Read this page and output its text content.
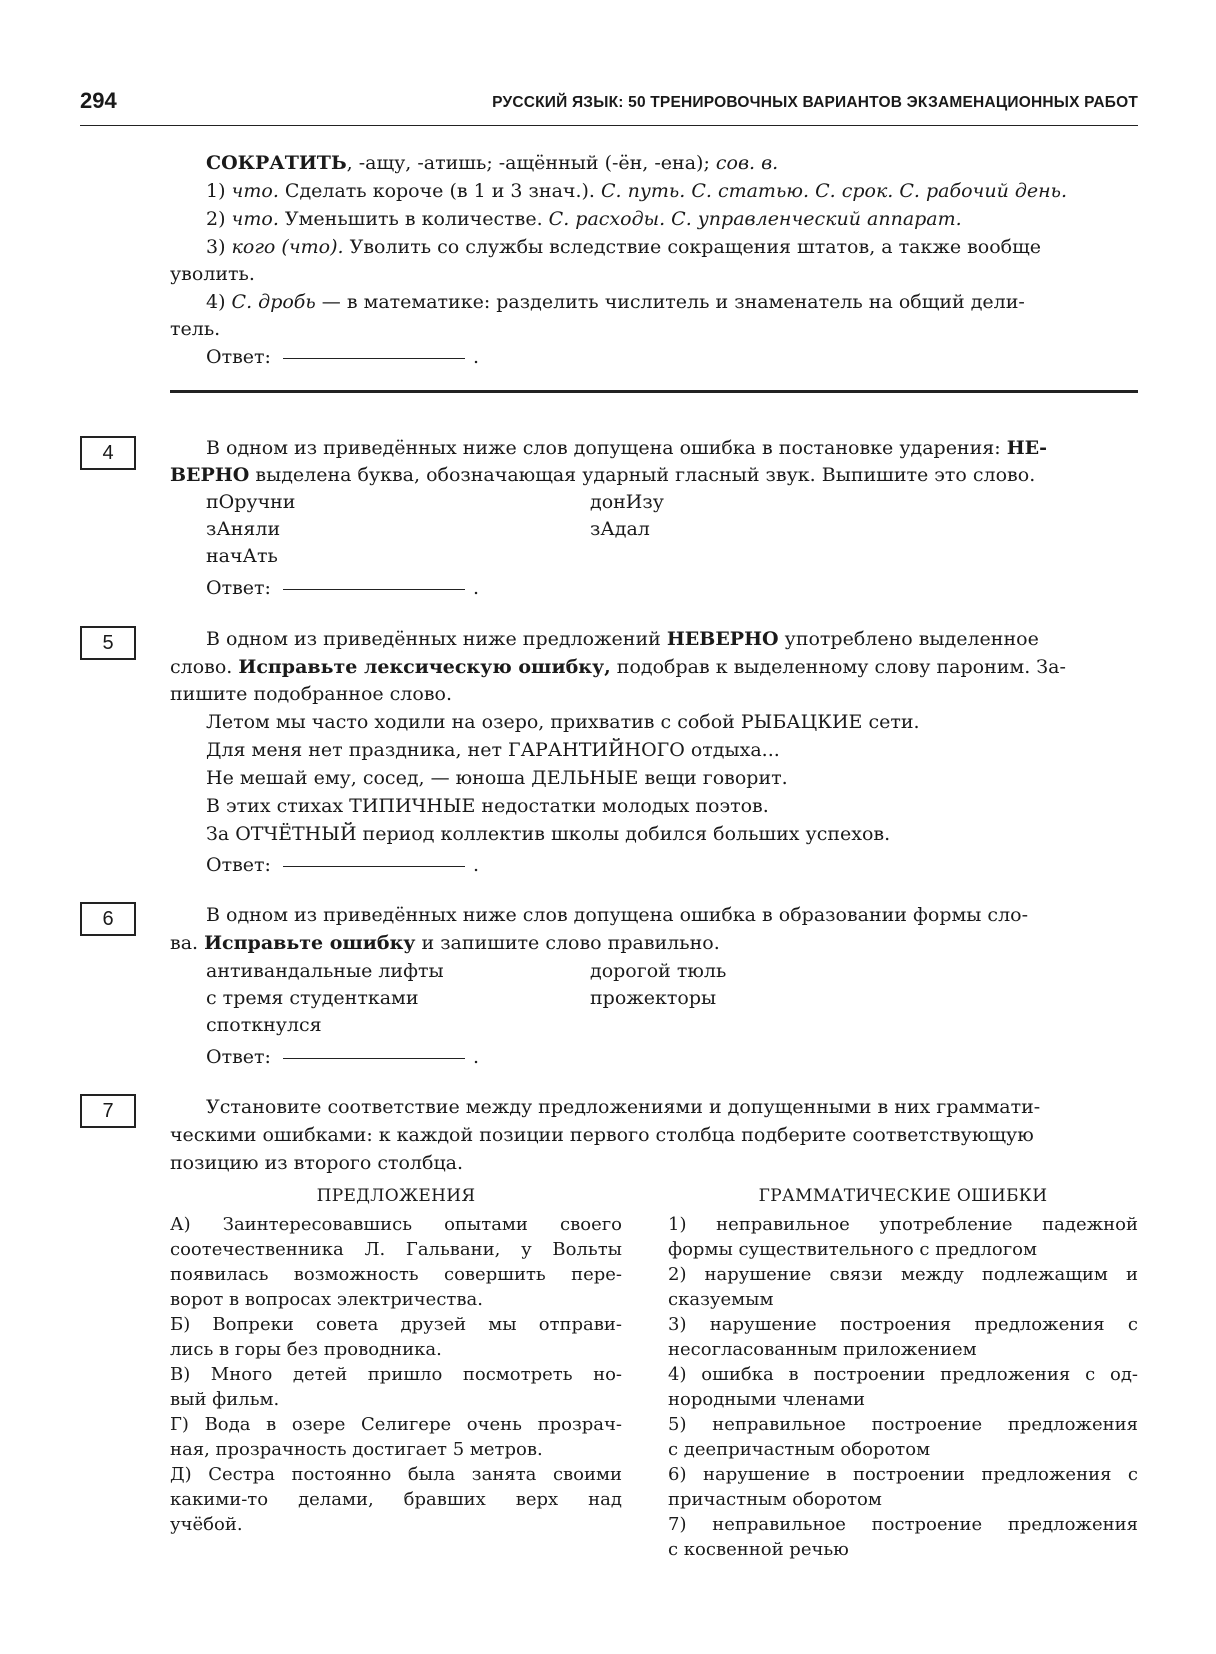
294	РУССКИЙ ЯЗЫК: 50 ТРЕНИРОВОЧНЫХ ВАРИАНТОВ ЭКЗАМЕНАЦИОННЫХ РАБОТ
СОКРАТИТЬ, -ащу, -атишь; -ащённый (-ён, -ена); сов. в.
1) что. Сделать короче (в 1 и 3 знач.). С. путь. С. статью. С. срок. С. рабочий день.
2) что. Уменьшить в количестве. С. расходы. С. управленческий аппарат.
3) кого (что). Уволить со службы вследствие сокращения штатов, а также вообще
уволить.
4) С. дробь — в математике: разделить числитель и знаменатель на общий дели-
тель.
Ответ:	.
4	В одном из приведённых ниже слов допущена ошибка в постановке ударения: НЕ-
ВЕРНО выделена буква, обозначающая ударный гласный звук. Выпишите это слово.
пОручни	донИзу
зАняли	зАдал
начАть
Ответ:	.
5	В одном из приведённых ниже предложений НЕВЕРНО употреблено выделенное
слово. Исправьте лексическую ошибку, подобрав к выделенному слову пароним. За-
пишите подобранное слово.
Летом мы часто ходили на озеро, прихватив с собой РЫБАЦКИЕ сети.
Для меня нет праздника, нет ГАРАНТИЙНОГО отдыха...
Не мешай ему, сосед, — юноша ДЕЛЬНЫЕ вещи говорит.
В этих стихах ТИПИЧНЫЕ недостатки молодых поэтов.
За ОТЧЁТНЫЙ период коллектив школы добился больших успехов.
Ответ:	.
6	В одном из приведённых ниже слов допущена ошибка в образовании формы сло-
ва. Исправьте ошибку и запишите слово правильно.
антивандальные лифты	дорогой тюль
с тремя студентками	прожекторы
споткнулся
Ответ:	.
7	Установите соответствие между предложениями и допущенными в них граммати-
ческими ошибками: к каждой позиции первого столбца подберите соответствующую
позицию из второго столбца.
ПРЕДЛОЖЕНИЯ	ГРАММАТИЧЕСКИЕ ОШИБКИ
А) Заинтересовавшись опытами своего
соотечественника Л. Гальвани, у Вольты
появилась возможность совершить пере-
ворот в вопросах электричества.
Б) Вопреки совета друзей мы отправи-
лись в горы без проводника.
В) Много детей пришло посмотреть но-
вый фильм.
Г) Вода в озере Селигере очень прозрач-
ная, прозрачность достигает 5 метров.
Д) Сестра постоянно была занята своими
какими-то делами, бравших верх над
учёбой.
1) неправильное употребление падежной
формы существительного с предлогом
2) нарушение связи между подлежащим и
сказуемым
3) нарушение построения предложения с
несогласованным приложением
4) ошибка в построении предложения с од-
нородными членами
5) неправильное построение предложения
с деепричастным оборотом
6) нарушение в построении предложения с
причастным оборотом
7) неправильное построение предложения
с косвенной речью
